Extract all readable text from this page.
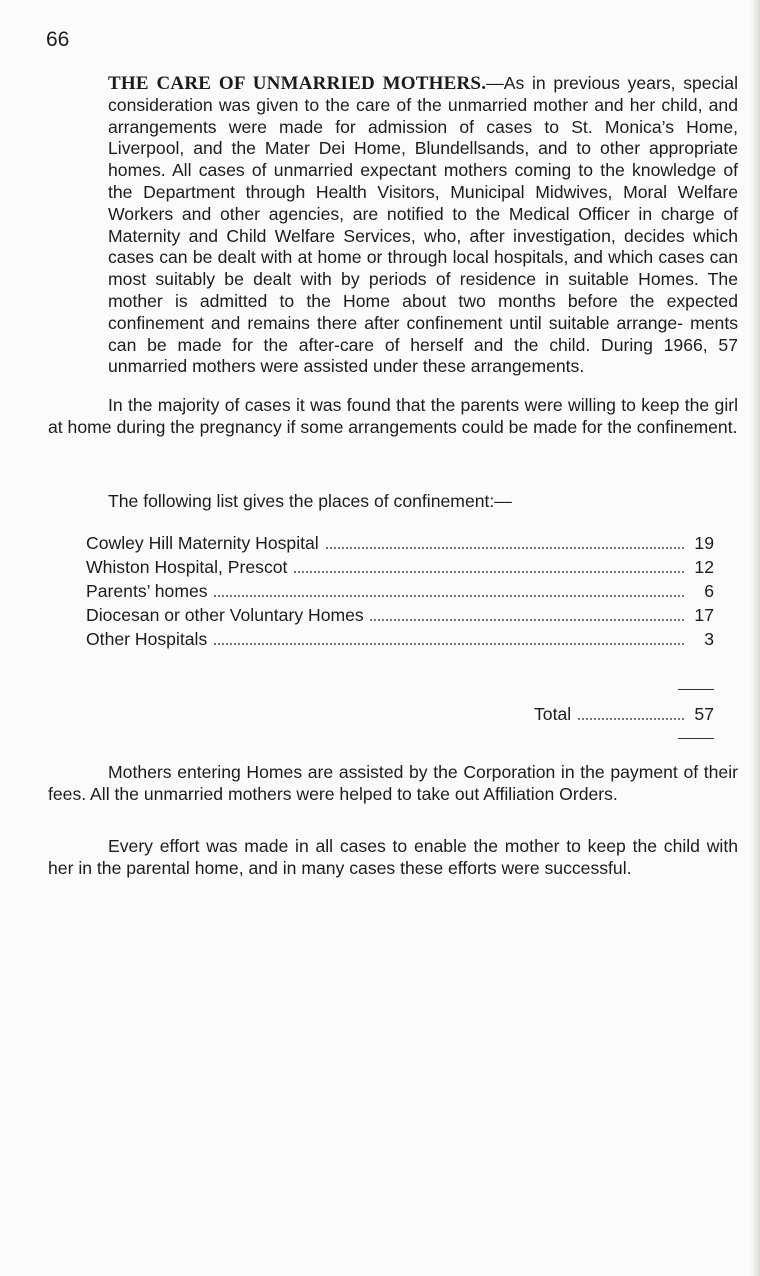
66

THE CARE OF UNMARRIED MOTHERS.—As in previous years, special consideration was given to the care of the unmarried mother and her child, and arrangements were made for admission of cases to St. Monica’s Home, Liverpool, and the Mater Dei Home, Blundellsands, and to other appropriate homes. All cases of unmarried expectant mothers coming to the knowledge of the Department through Health Visitors, Municipal Midwives, Moral Welfare Workers and other agencies, are notified to the Medical Officer in charge of Maternity and Child Welfare Services, who, after investigation, decides which cases can be dealt with at home or through local hospitals, and which cases can most suitably be dealt with by periods of residence in suitable Homes. The mother is admitted to the Home about two months before the expected confinement and remains there after confinement until suitable arrange- ments can be made for the after-care of herself and the child. During 1966, 57 unmarried mothers were assisted under these arrangements.

In the majority of cases it was found that the parents were willing to keep the girl at home during the pregnancy if some arrangements could be made for the confinement.

The following list gives the places of confinement:—

Cowley Hill Maternity Hospital	19
Whiston Hospital, Prescot	12
Parents’ homes	6
Diocesan or other Voluntary Homes	17
Other Hospitals	3
Total	57

Mothers entering Homes are assisted by the Corporation in the payment of their fees. All the unmarried mothers were helped to take out Affiliation Orders.

Every effort was made in all cases to enable the mother to keep the child with her in the parental home, and in many cases these efforts were successful.
